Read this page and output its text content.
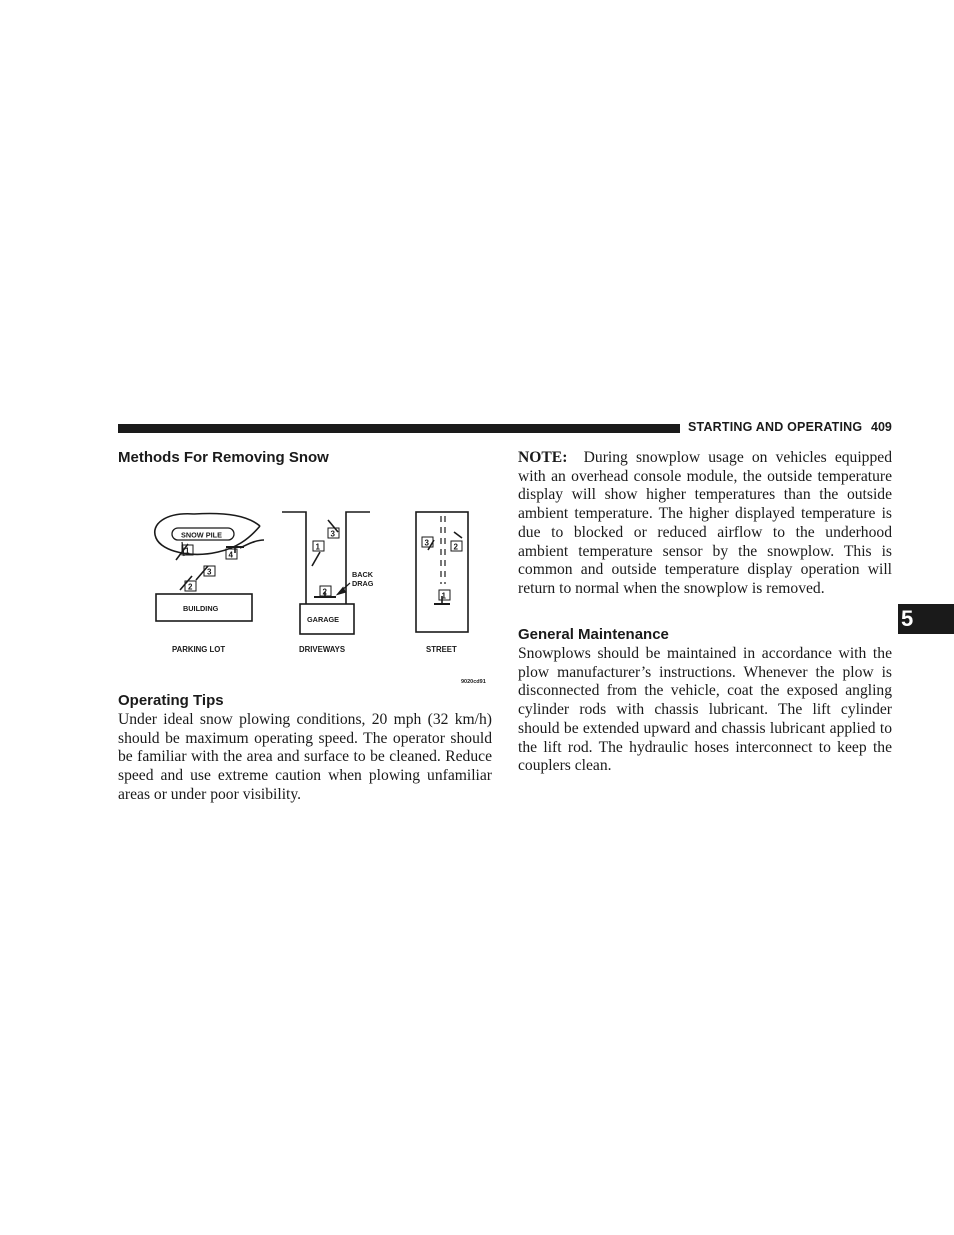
STARTING AND OPERATING 409
5
Methods For Removing Snow
SNOW PILE
BUILDING
1	4
2
3
3
1
2
BACK
DRAG
GARAGE
3	2
1
PARKING LOT	DRIVEWAYS	STREET
9020cd91
Operating Tips

Under ideal snow plowing conditions, 20 mph (32 km/h) should be maximum operating speed. The operator should be familiar with the area and surface to be cleaned. Reduce speed and use extreme caution when plowing unfamiliar areas or under poor visibility.

NOTE: During snowplow usage on vehicles equipped with an overhead console module, the outside temperature display will show higher temperatures than the outside ambient temperature. The higher displayed temperature is due to blocked or reduced airflow to the underhood ambient temperature sensor by the snowplow. This is common and outside temperature display operation will return to normal when the snowplow is removed.

General Maintenance

Snowplows should be maintained in accordance with the plow manufacturer’s instructions. Whenever the plow is disconnected from the vehicle, coat the exposed angling cylinder rods with chassis lubricant. The lift cylinder should be extended upward and chassis lubricant applied to the lift rod. The hydraulic hoses interconnect to keep the couplers clean.
